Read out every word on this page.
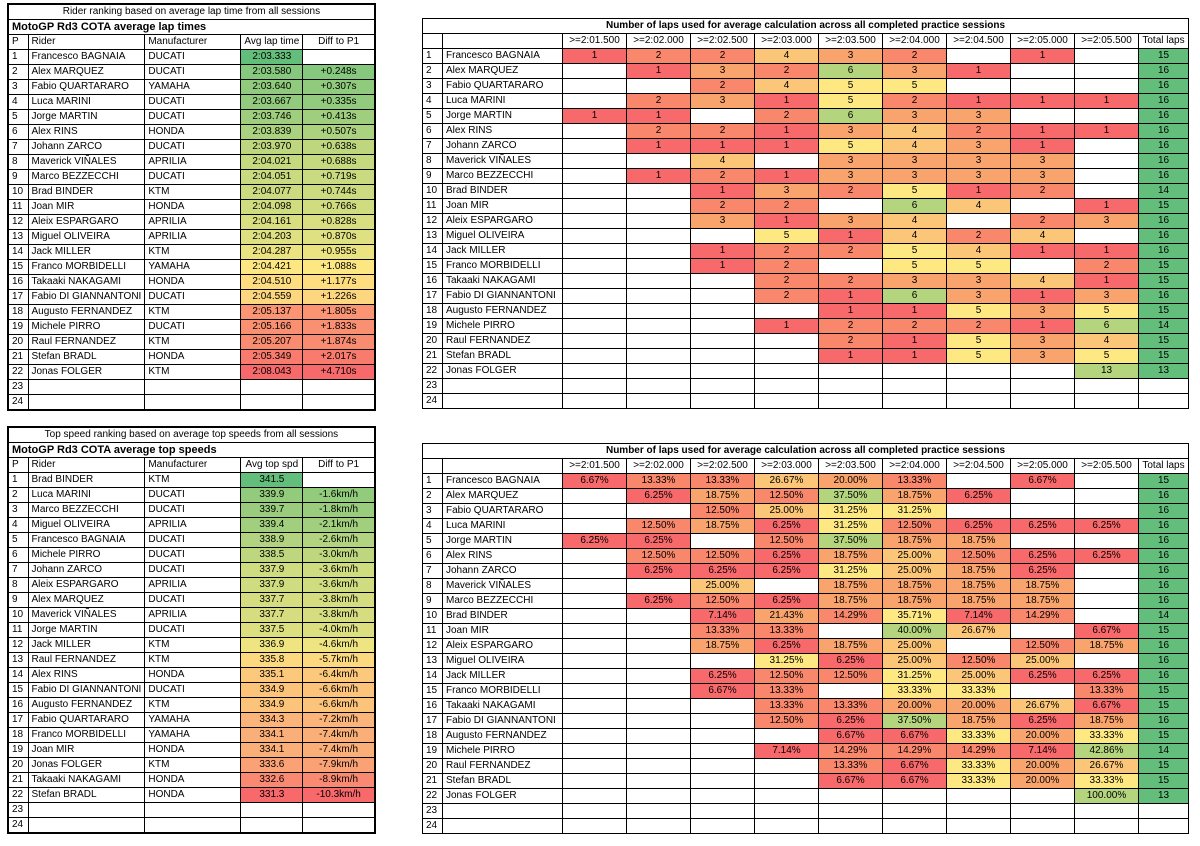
Rider ranking based on average lap time from all sessions				
MotoGP Rd3 COTA average lap times				
P	Rider	Manufacturer	Avg lap time	Diff to P1
1	Francesco BAGNAIA	DUCATI	2:03.333	
2	Alex MARQUEZ	DUCATI	2:03.580	+0.248s
3	Fabio QUARTARARO	YAMAHA	2:03.640	+0.307s
4	Luca MARINI	DUCATI	2:03.667	+0.335s
5	Jorge MARTIN	DUCATI	2:03.746	+0.413s
6	Alex RINS	HONDA	2:03.839	+0.507s
7	Johann ZARCO	DUCATI	2:03.970	+0.638s
8	Maverick VIÑALES	APRILIA	2:04.021	+0.688s
9	Marco BEZZECCHI	DUCATI	2:04.051	+0.719s
10	Brad BINDER	KTM	2:04.077	+0.744s
11	Joan MIR	HONDA	2:04.098	+0.766s
12	Aleix ESPARGARO	APRILIA	2:04.161	+0.828s
13	Miguel OLIVEIRA	APRILIA	2:04.203	+0.870s
14	Jack MILLER	KTM	2:04.287	+0.955s
15	Franco MORBIDELLI	YAMAHA	2:04.421	+1.088s
16	Takaaki NAKAGAMI	HONDA	2:04.510	+1.177s
17	Fabio DI GIANNANTONI	DUCATI	2:04.559	+1.226s
18	Augusto FERNANDEZ	KTM	2:05.137	+1.805s
19	Michele PIRRO	DUCATI	2:05.166	+1.833s
20	Raul FERNANDEZ	KTM	2:05.207	+1.874s
21	Stefan BRADL	HONDA	2:05.349	+2.017s
22	Jonas FOLGER	KTM	2:08.043	+4.710s
23				
24				
Top speed ranking based on average top speeds from all sessions				
MotoGP Rd3 COTA average top speeds				
P	Rider	Manufacturer	Avg top spd	Diff to P1
1	Brad BINDER	KTM	341.5	
2	Luca MARINI	DUCATI	339.9	-1.6km/h
3	Marco BEZZECCHI	DUCATI	339.7	-1.8km/h
4	Miguel OLIVEIRA	APRILIA	339.4	-2.1km/h
5	Francesco BAGNAIA	DUCATI	338.9	-2.6km/h
6	Michele PIRRO	DUCATI	338.5	-3.0km/h
7	Johann ZARCO	DUCATI	337.9	-3.6km/h
8	Aleix ESPARGARO	APRILIA	337.9	-3.6km/h
9	Alex MARQUEZ	DUCATI	337.7	-3.8km/h
10	Maverick VIÑALES	APRILIA	337.7	-3.8km/h
11	Jorge MARTIN	DUCATI	337.5	-4.0km/h
12	Jack MILLER	KTM	336.9	-4.6km/h
13	Raul FERNANDEZ	KTM	335.8	-5.7km/h
14	Alex RINS	HONDA	335.1	-6.4km/h
15	Fabio DI GIANNANTONI	DUCATI	334.9	-6.6km/h
16	Augusto FERNANDEZ	KTM	334.9	-6.6km/h
17	Fabio QUARTARARO	YAMAHA	334.3	-7.2km/h
18	Franco MORBIDELLI	YAMAHA	334.1	-7.4km/h
19	Joan MIR	HONDA	334.1	-7.4km/h
20	Jonas FOLGER	KTM	333.6	-7.9km/h
21	Takaaki NAKAGAMI	HONDA	332.6	-8.9km/h
22	Stefan BRADL	HONDA	331.3	-10.3km/h
23				
24				
Number of laps used for average calculation across all completed practice sessions											
		>=2:01.500	>=2:02.000	>=2:02.500	>=2:03.000	>=2:03.500	>=2:04.000	>=2:04.500	>=2:05.000	>=2:05.500	Total laps
1	Francesco BAGNAIA	1	2	2	4	3	2		1		15
2	Alex MARQUEZ		1	3	2	6	3	1			16
3	Fabio QUARTARARO			2	4	5	5				16
4	Luca MARINI		2	3	1	5	2	1	1	1	16
5	Jorge MARTIN	1	1		2	6	3	3			16
6	Alex RINS		2	2	1	3	4	2	1	1	16
7	Johann ZARCO		1	1	1	5	4	3	1		16
8	Maverick VIÑALES			4		3	3	3	3		16
9	Marco BEZZECCHI		1	2	1	3	3	3	3		16
10	Brad BINDER			1	3	2	5	1	2		14
11	Joan MIR			2	2		6	4		1	15
12	Aleix ESPARGARO			3	1	3	4		2	3	16
13	Miguel OLIVEIRA				5	1	4	2	4		16
14	Jack MILLER			1	2	2	5	4	1	1	16
15	Franco MORBIDELLI			1	2		5	5		2	15
16	Takaaki NAKAGAMI				2	2	3	3	4	1	15
17	Fabio DI GIANNANTONI				2	1	6	3	1	3	16
18	Augusto FERNANDEZ					1	1	5	3	5	15
19	Michele PIRRO				1	2	2	2	1	6	14
20	Raul FERNANDEZ					2	1	5	3	4	15
21	Stefan BRADL					1	1	5	3	5	15
22	Jonas FOLGER									13	13
23											
24											
Number of laps used for average calculation across all completed practice sessions											
		>=2:01.500	>=2:02.000	>=2:02.500	>=2:03.000	>=2:03.500	>=2:04.000	>=2:04.500	>=2:05.000	>=2:05.500	Total laps
1	Francesco BAGNAIA	6.67%	13.33%	13.33%	26.67%	20.00%	13.33%		6.67%		15
2	Alex MARQUEZ		6.25%	18.75%	12.50%	37.50%	18.75%	6.25%			16
3	Fabio QUARTARARO			12.50%	25.00%	31.25%	31.25%				16
4	Luca MARINI		12.50%	18.75%	6.25%	31.25%	12.50%	6.25%	6.25%	6.25%	16
5	Jorge MARTIN	6.25%	6.25%		12.50%	37.50%	18.75%	18.75%			16
6	Alex RINS		12.50%	12.50%	6.25%	18.75%	25.00%	12.50%	6.25%	6.25%	16
7	Johann ZARCO		6.25%	6.25%	6.25%	31.25%	25.00%	18.75%	6.25%		16
8	Maverick VIÑALES			25.00%		18.75%	18.75%	18.75%	18.75%		16
9	Marco BEZZECCHI		6.25%	12.50%	6.25%	18.75%	18.75%	18.75%	18.75%		16
10	Brad BINDER			7.14%	21.43%	14.29%	35.71%	7.14%	14.29%		14
11	Joan MIR			13.33%	13.33%		40.00%	26.67%		6.67%	15
12	Aleix ESPARGARO			18.75%	6.25%	18.75%	25.00%		12.50%	18.75%	16
13	Miguel OLIVEIRA				31.25%	6.25%	25.00%	12.50%	25.00%		16
14	Jack MILLER			6.25%	12.50%	12.50%	31.25%	25.00%	6.25%	6.25%	16
15	Franco MORBIDELLI			6.67%	13.33%		33.33%	33.33%		13.33%	15
16	Takaaki NAKAGAMI				13.33%	13.33%	20.00%	20.00%	26.67%	6.67%	15
17	Fabio DI GIANNANTONI				12.50%	6.25%	37.50%	18.75%	6.25%	18.75%	16
18	Augusto FERNANDEZ					6.67%	6.67%	33.33%	20.00%	33.33%	15
19	Michele PIRRO				7.14%	14.29%	14.29%	14.29%	7.14%	42.86%	14
20	Raul FERNANDEZ					13.33%	6.67%	33.33%	20.00%	26.67%	15
21	Stefan BRADL					6.67%	6.67%	33.33%	20.00%	33.33%	15
22	Jonas FOLGER									100.00%	13
23											
24											
